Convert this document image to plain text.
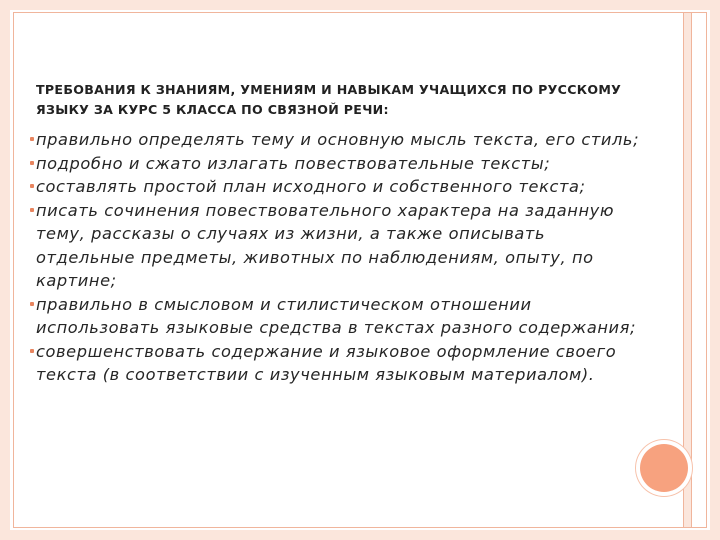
ТРЕБОВАНИЯ К ЗНАНИЯМ, УМЕНИЯМ И НАВЫКАМ УЧАЩИХСЯ ПО РУССКОМУ ЯЗЫКУ ЗА КУРС 5 КЛАССА ПО СВЯЗНОЙ РЕЧИ:
правильно определять тему и основную мысль текста, его стиль;
подробно и сжато излагать повествовательные тексты;
составлять простой план исходного и собственного текста;
писать сочинения повествовательного характера на заданную тему, рассказы о случаях из жизни, а также описывать отдельные предметы, животных по наблюдениям, опыту, по картине;
правильно в смысловом и стилистическом отношении использовать языковые средства в текстах разного содержания;
совершенствовать содержание и языковое оформление своего текста (в соответствии с изученным языковым материалом).
